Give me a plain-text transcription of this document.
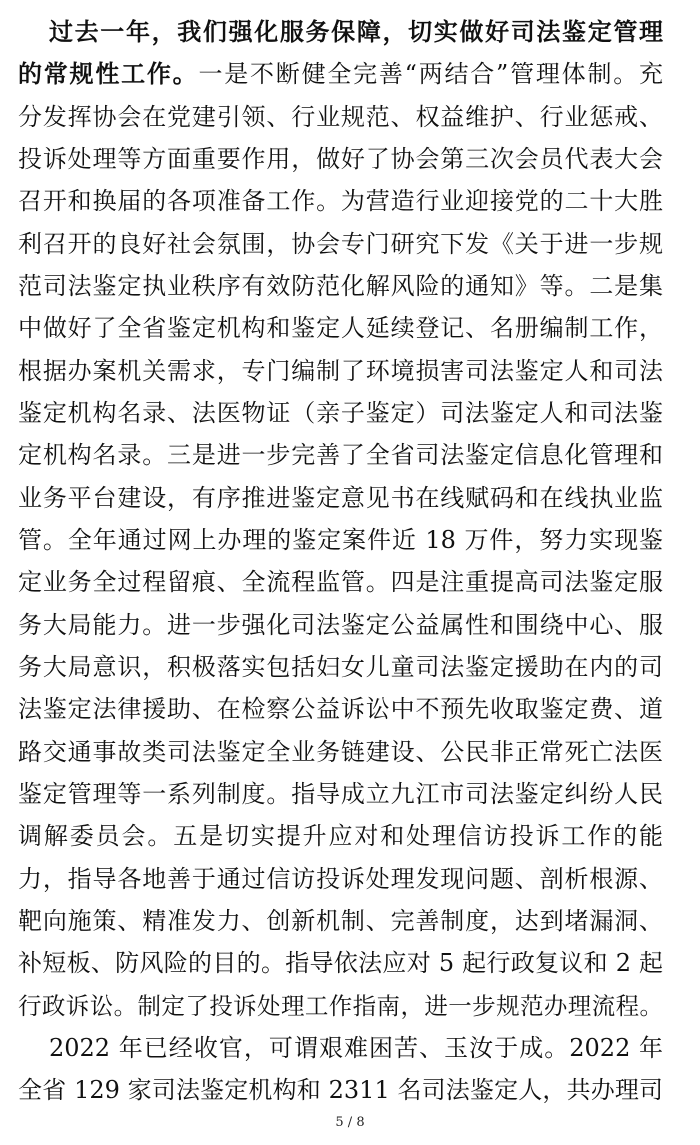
过去一年，我们强化服务保障，切实做好司法鉴定管理
的常规性工作。一是不断健全完善“两结合”管理体制。充
分发挥协会在党建引领、行业规范、权益维护、行业惩戒、
投诉处理等方面重要作用，做好了协会第三次会员代表大会
召开和换届的各项准备工作。为营造行业迎接党的二十大胜
利召开的良好社会氛围，协会专门研究下发《关于进一步规
范司法鉴定执业秩序有效防范化解风险的通知》等。二是集
中做好了全省鉴定机构和鉴定人延续登记、名册编制工作，
根据办案机关需求，专门编制了环境损害司法鉴定人和司法
鉴定机构名录、法医物证（亲子鉴定）司法鉴定人和司法鉴
定机构名录。三是进一步完善了全省司法鉴定信息化管理和
业务平台建设，有序推进鉴定意见书在线赋码和在线执业监
管。全年通过网上办理的鉴定案件近 18 万件，努力实现鉴
定业务全过程留痕、全流程监管。四是注重提高司法鉴定服
务大局能力。进一步强化司法鉴定公益属性和围绕中心、服
务大局意识，积极落实包括妇女儿童司法鉴定援助在内的司
法鉴定法律援助、在检察公益诉讼中不预先收取鉴定费、道
路交通事故类司法鉴定全业务链建设、公民非正常死亡法医
鉴定管理等一系列制度。指导成立九江市司法鉴定纠纷人民
调解委员会。五是切实提升应对和处理信访投诉工作的能
力，指导各地善于通过信访投诉处理发现问题、剖析根源、
靶向施策、精准发力、创新机制、完善制度，达到堵漏洞、
补短板、防风险的目的。指导依法应对 5 起行政复议和 2 起
行政诉讼。制定了投诉处理工作指南，进一步规范办理流程。
2022 年已经收官，可谓艰难困苦、玉汝于成。2022 年
全省 129 家司法鉴定机构和 2311 名司法鉴定人，共办理司
5 / 8
